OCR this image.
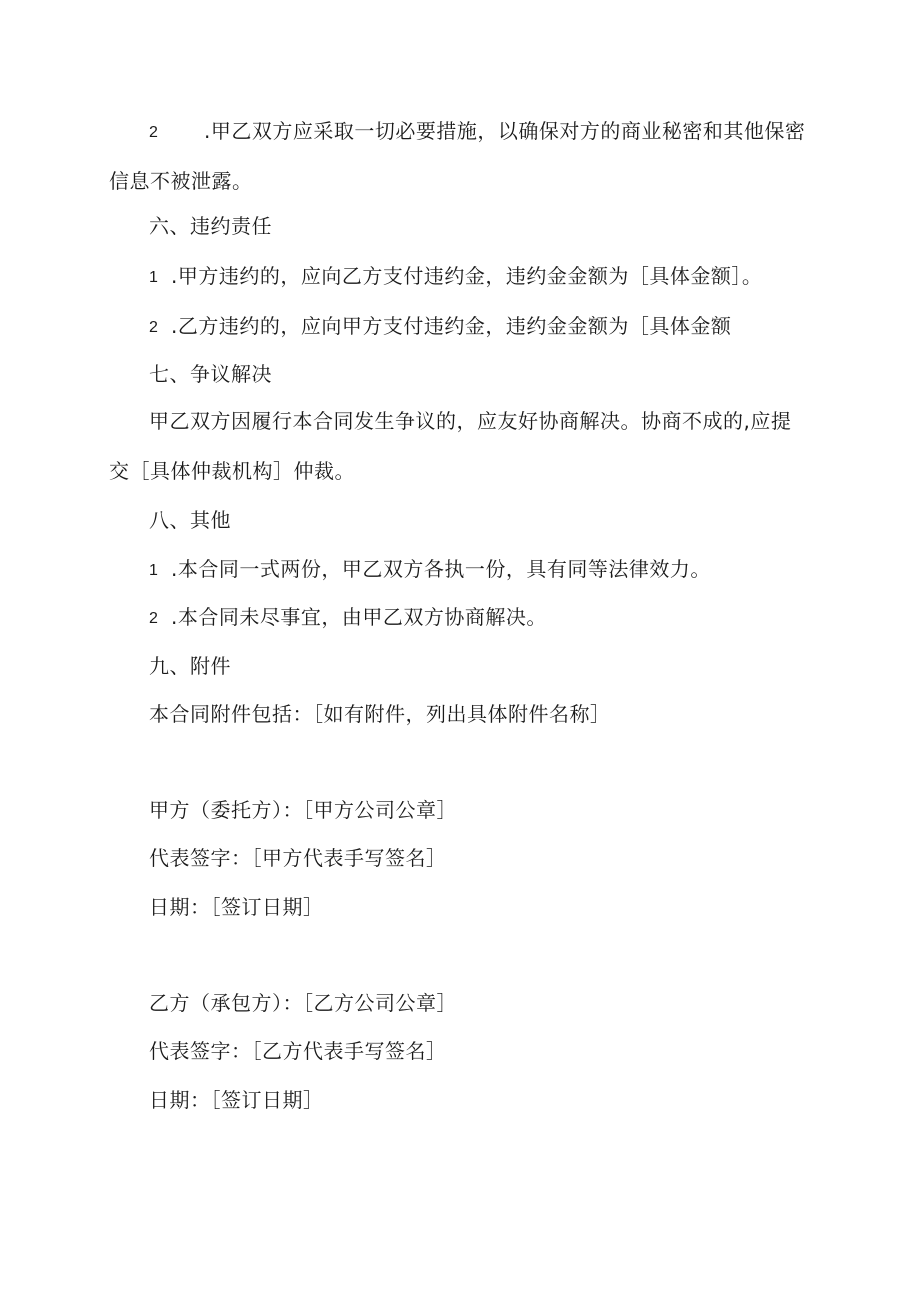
2 .甲乙双方应采取一切必要措施，以确保对方的商业秘密和其他保密
信息不被泄露。
六、违约责任
1 .甲方违约的，应向乙方支付违约金，违约金金额为［具体金额］。
2 .乙方违约的，应向甲方支付违约金，违约金金额为［具体金额
七、争议解决
甲乙双方因履行本合同发生争议的，应友好协商解决。协商不成的,应提
交［具体仲裁机构］仲裁。
八、其他
1 .本合同一式两份，甲乙双方各执一份，具有同等法律效力。
2 .本合同未尽事宜，由甲乙双方协商解决。
九、附件
本合同附件包括：［如有附件，列出具体附件名称］
甲方（委托方）：［甲方公司公章］
代表签字：［甲方代表手写签名］
日期：［签订日期］
乙方（承包方）：［乙方公司公章］
代表签字：［乙方代表手写签名］
日期：［签订日期］
